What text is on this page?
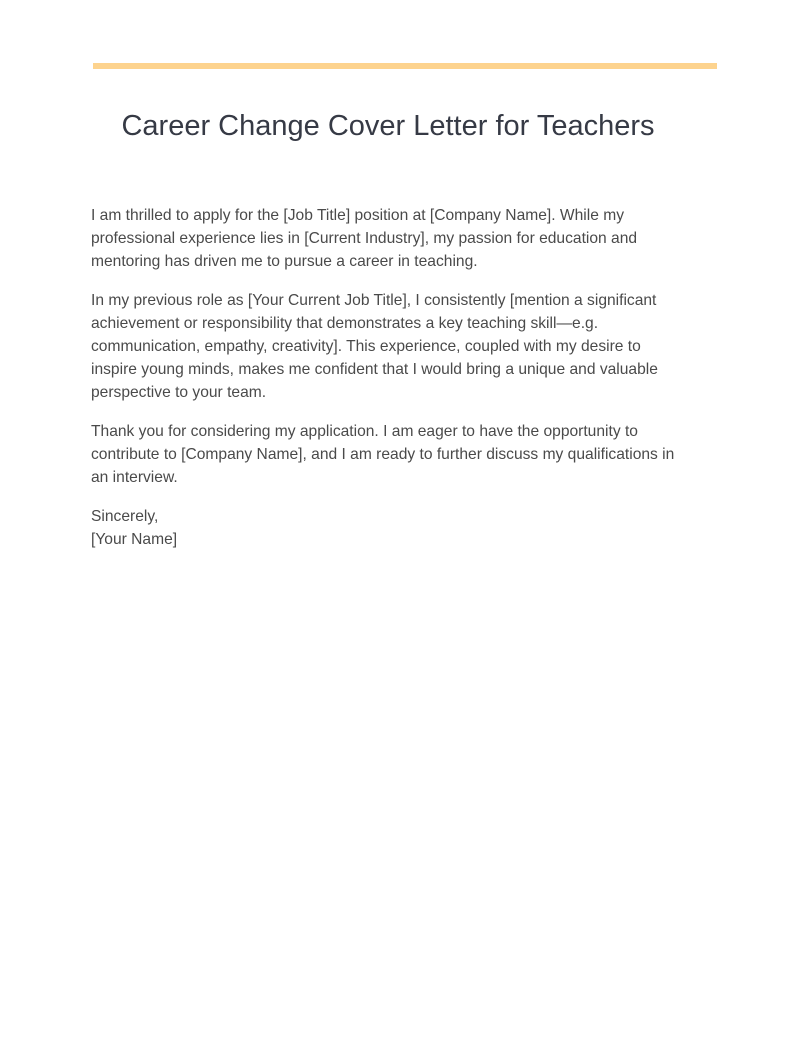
Career Change Cover Letter for Teachers

I am thrilled to apply for the [Job Title] position at [Company Name]. While my professional experience lies in [Current Industry], my passion for education and mentoring has driven me to pursue a career in teaching.

In my previous role as [Your Current Job Title], I consistently [mention a significant achievement or responsibility that demonstrates a key teaching skill—e.g. communication, empathy, creativity]. This experience, coupled with my desire to inspire young minds, makes me confident that I would bring a unique and valuable perspective to your team.

Thank you for considering my application. I am eager to have the opportunity to contribute to [Company Name], and I am ready to further discuss my qualifications in an interview.

Sincerely,
[Your Name]
